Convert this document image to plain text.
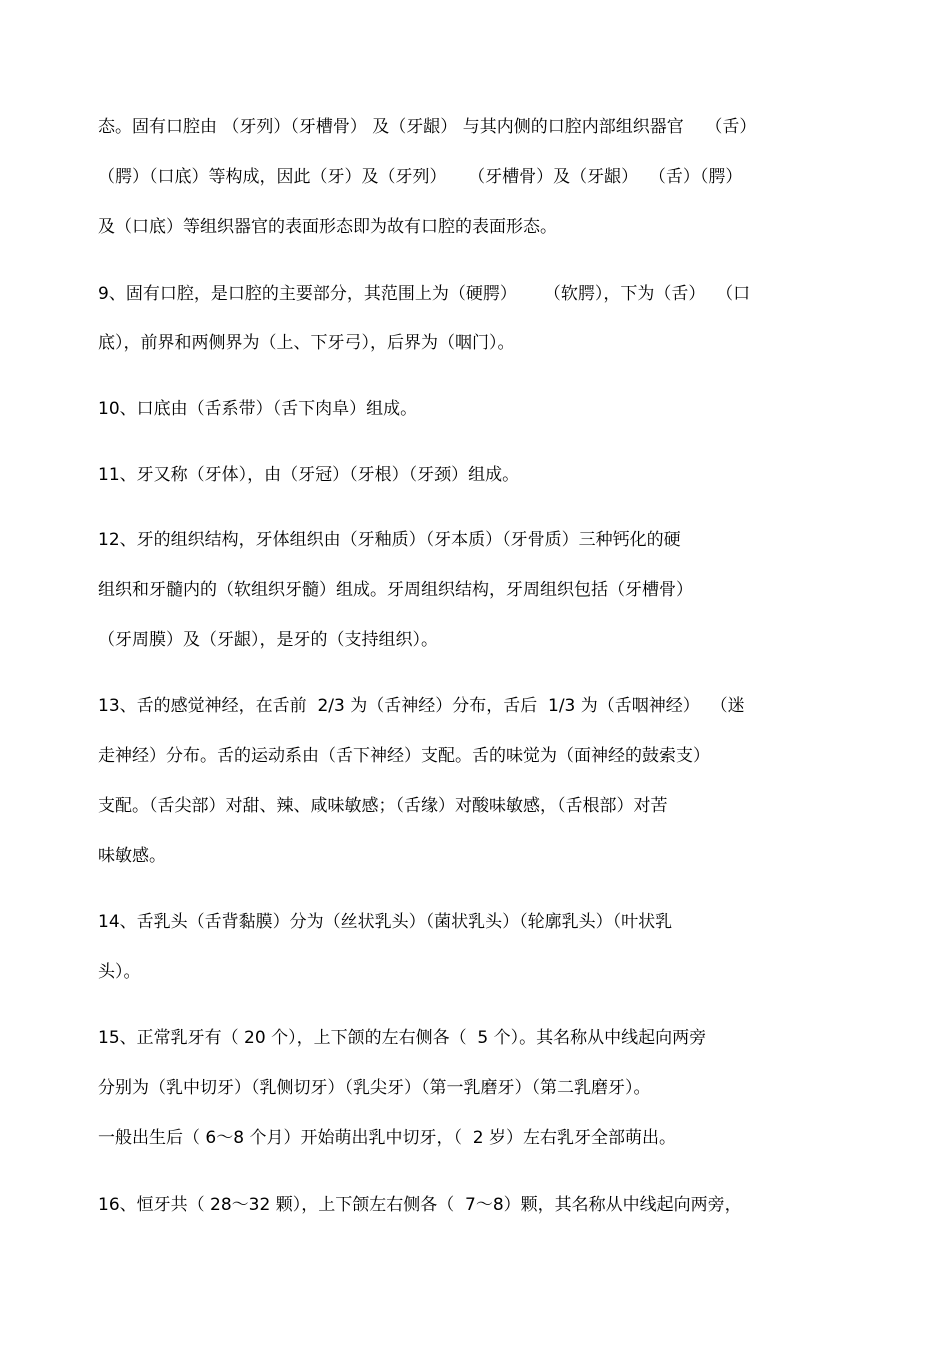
态。固有口腔由 （牙列）（牙槽骨） 及（牙龈） 与其内侧的口腔内部组织器官    （舌）
（腭）（口底）等构成，因此（牙）及（牙列）    （牙槽骨）及（牙龈）  （舌）（腭）
及（口底）等组织器官的表面形态即为故有口腔的表面形态。
9、固有口腔，是口腔的主要部分，其范围上为（硬腭）     （软腭），下为（舌）  （口
底），前界和两侧界为（上、下牙弓），后界为（咽门）。
10、口底由（舌系带）（舌下肉阜）组成。
11、牙又称（牙体），由（牙冠）（牙根）（牙颈）组成。
12、牙的组织结构，牙体组织由（牙釉质）（牙本质）（牙骨质）三种钙化的硬
组织和牙髓内的（软组织牙髓）组成。牙周组织结构，牙周组织包括（牙槽骨）
（牙周膜）及（牙龈），是牙的（支持组织）。
13、舌的感觉神经，在舌前  2/3 为（舌神经）分布，舌后  1/3 为（舌咽神经）  （迷
走神经）分布。舌的运动系由（舌下神经）支配。舌的味觉为（面神经的鼓索支）
支配。（舌尖部）对甜、辣、咸味敏感；（舌缘）对酸味敏感，（舌根部）对苦
味敏感。
14、舌乳头（舌背黏膜）分为（丝状乳头）（菌状乳头）（轮廓乳头）（叶状乳
头）。
15、正常乳牙有（ 20 个），上下颌的左右侧各（  5 个）。其名称从中线起向两旁
分别为（乳中切牙）（乳侧切牙）（乳尖牙）（第一乳磨牙）（第二乳磨牙）。
一般出生后（ 6～8 个月）开始萌出乳中切牙，（  2 岁）左右乳牙全部萌出。
16、恒牙共（ 28～32 颗），上下颌左右侧各（  7～8）颗，其名称从中线起向两旁，
